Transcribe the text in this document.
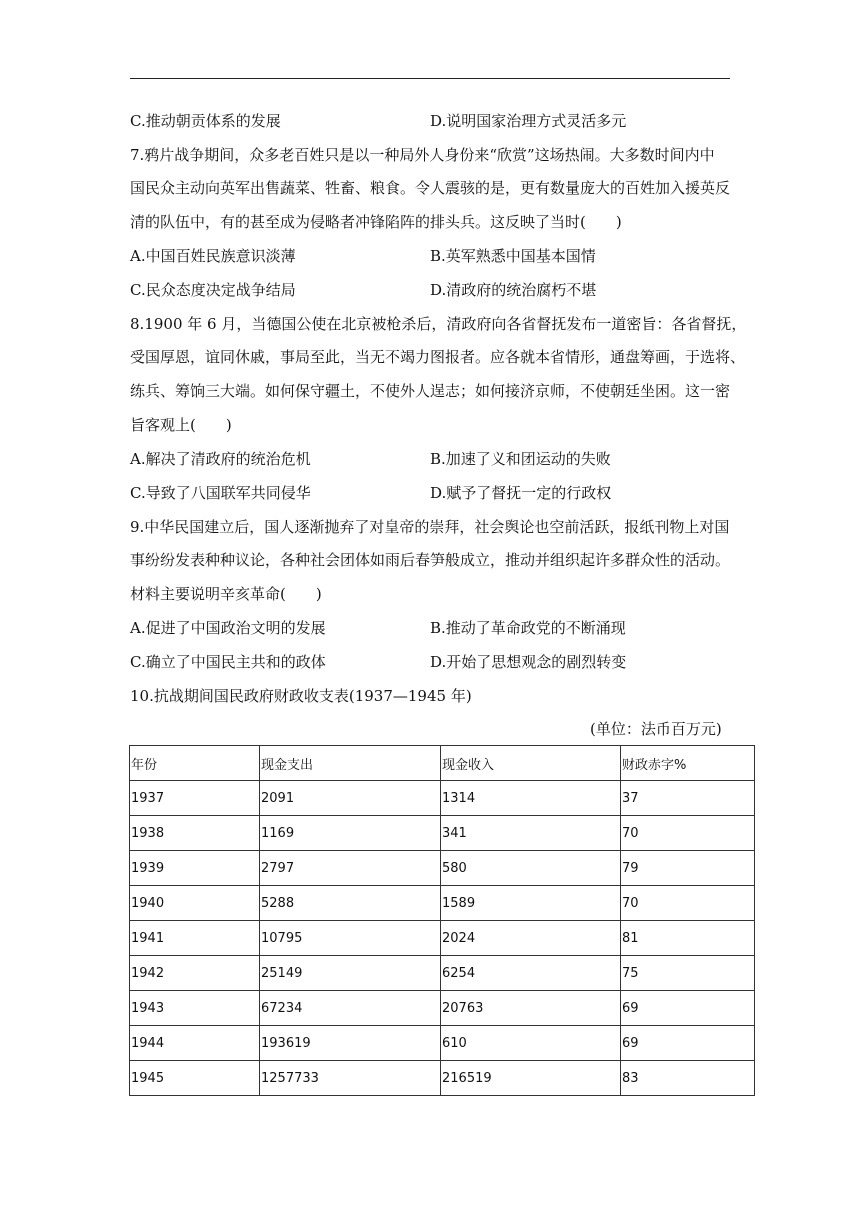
C.推动朝贡体系的发展	D.说明国家治理方式灵活多元
7.鸦片战争期间，众多老百姓只是以一种局外人身份来“欣赏”这场热闹。大多数时间内中
国民众主动向英军出售蔬菜、牲畜、粮食。令人震骇的是，更有数量庞大的百姓加入援英反
清的队伍中，有的甚至成为侵略者冲锋陷阵的排头兵。这反映了当时(　　)
A.中国百姓民族意识淡薄	B.英军熟悉中国基本国情
C.民众态度决定战争结局	D.清政府的统治腐朽不堪
8.1900 年 6 月，当德国公使在北京被枪杀后，清政府向各省督抚发布一道密旨：各省督抚，
受国厚恩，谊同休戚，事局至此，当无不竭力图报者。应各就本省情形，通盘筹画，于选将、
练兵、筹饷三大端。如何保守疆土，不使外人逞志；如何接济京师，不使朝廷坐困。这一密
旨客观上(　　)
A.解决了清政府的统治危机	B.加速了义和团运动的失败
C.导致了八国联军共同侵华	D.赋予了督抚一定的行政权
9.中华民国建立后，国人逐渐抛弃了对皇帝的崇拜，社会舆论也空前活跃，报纸刊物上对国
事纷纷发表种种议论，各种社会团体如雨后春笋般成立，推动并组织起许多群众性的活动。
材料主要说明辛亥革命(　　)
A.促进了中国政治文明的发展	B.推动了革命政党的不断涌现
C.确立了中国民主共和的政体	D.开始了思想观念的剧烈转变
10.抗战期间国民政府财政收支表(1937—1945 年)
(单位：法币百万元)
年份	现金支出	现金收入	财政赤字%
1937	2091	1314	37
1938	1169	341	70
1939	2797	580	79
1940	5288	1589	70
1941	10795	2024	81
1942	25149	6254	75
1943	67234	20763	69
1944	193619	610	69
1945	1257733	216519	83
